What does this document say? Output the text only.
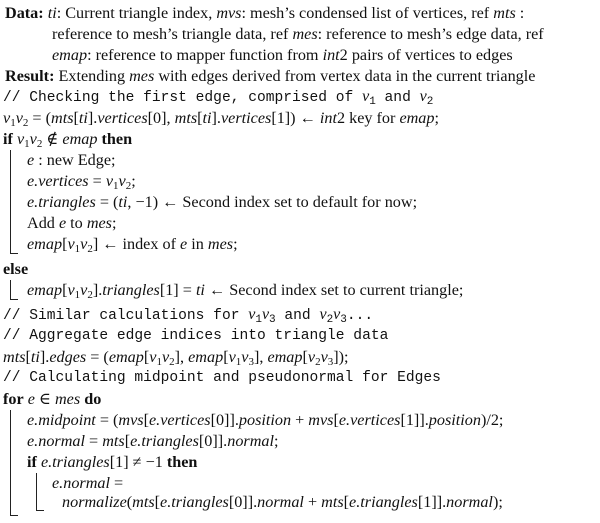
Data: ti: Current triangle index, mvs: mesh’s condensed list of vertices, ref mts :
reference to mesh’s triangle data, ref mes: reference to mesh’s edge data, ref
emap: reference to mapper function from int2 pairs of vertices to edges
Result: Extending mes with edges derived from vertex data in the current triangle
// Checking the first edge, comprised of $v_1$ and $v_2$
$v_1v_2$ = (mts[ti].vertices[0], mts[ti].vertices[1]) ← int2 key for emap;
if $v_1v_2$ ∉ emap then
e : new Edge;
e.vertices = $v_1v_2$;
e.triangles = (ti, −1) ← Second index set to default for now;
Add e to mes;
$emap[v_1v_2]$ ← index of e in mes;
else
$emap[v_1v_2].triangles[1]$ = ti ← Second index set to current triangle;
// Similar calculations for $v_1v_3$ and $v_2v_3$...
// Aggregate edge indices into triangle data
mts[ti].edges = ($emap[v_1v_2]$, $emap[v_1v_3]$, $emap[v_2v_3]$);
// Calculating midpoint and pseudonormal for Edges
for e ∈ mes do
e.midpoint = (mvs[e.vertices[0]].position + mvs[e.vertices[1]].position)/2;
e.normal = mts[e.triangles[0]].normal;
if e.triangles[1] ≠ −1 then
e.normal =
normalize(mts[e.triangles[0]].normal + mts[e.triangles[1]].normal);
